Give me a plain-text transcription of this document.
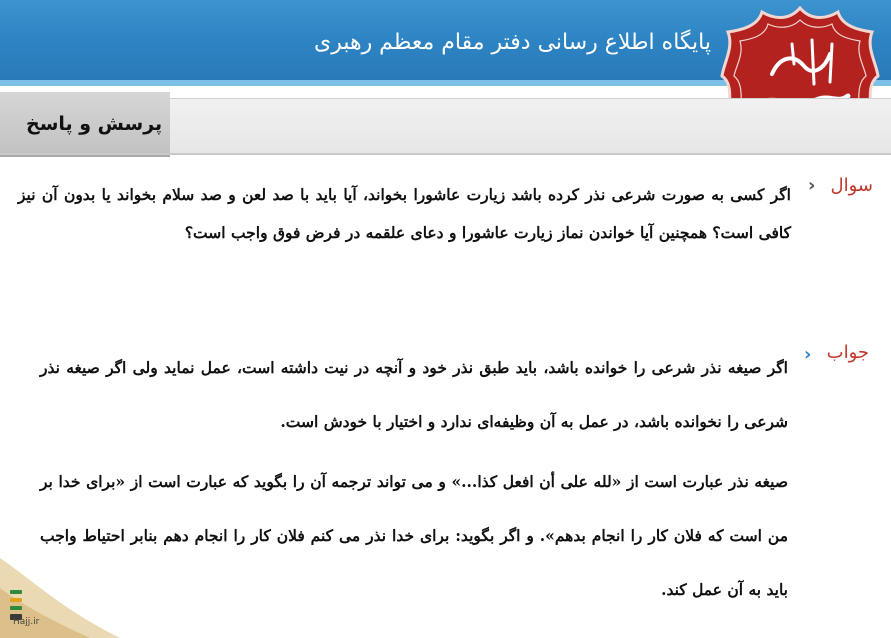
پایگاه اطلاع رسانی دفتر مقام معظم رهبری
پرسش و پاسخ
سوال
›
اگر کسی به صورت شرعی نذر کرده باشد زیارت عاشورا بخواند، آیا باید با صد لعن و صد سلام بخواند یا بدون آن نیز کافی است؟ همچنین آیا خواندن نماز زیارت عاشورا و دعای علقمه در فرض فوق واجب است؟
جواب
›
اگر صیغه نذر شرعی را خوانده باشد، باید طبق نذر خود و آنچه در نیت داشته است، عمل نماید ولی اگر صیغه نذر شرعی را نخوانده باشد، در عمل به آن وظیفه‌ای ندارد و اختیار با خودش است.
صیغه نذر عبارت است از «لله علی أن افعل کذا...» و می تواند ترجمه آن را بگوید که عبارت است از «برای خدا بر من است که فلان کار را انجام بدهم». و اگر بگوید: برای خدا نذر می کنم فلان کار را انجام دهم بنابر احتیاط واجب باید به آن عمل کند.
Hajj.ir
